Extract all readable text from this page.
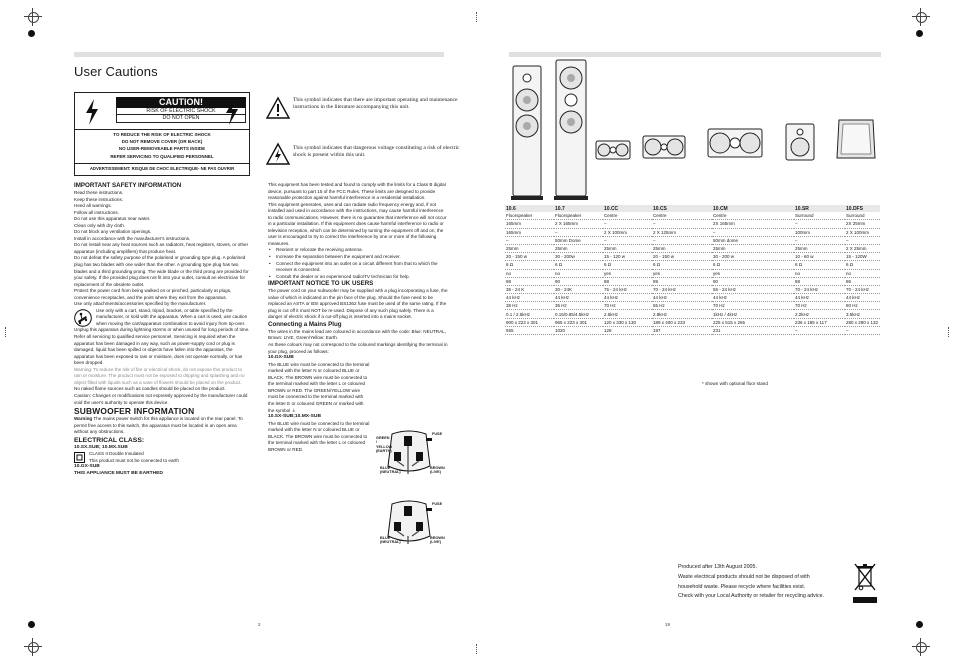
User Cautions
CAUTION!
RISK OF ELECTRIC SHOCK
DO NOT OPEN
TO REDUCE THE RISK OF ELECTRIC SHOCK
DO NOT REMOVE COVER (OR BACK)
NO USER-REMOVEABLE PARTS INSIDE
REFER SERVICING TO QUALIFIED PERSONNEL
ADVERTISSEMENT: RISQUE DE CHOC ELECTRIQUE- NE PAS OUVRIR
This symbol indicates that there are important operating and maintenance instructions in the literature accompanying this unit.
This symbol indicates that dangerous voltage constituting a risk of electric shock is present within this unit.

IMPORTANT SAFETY INFORMATION

Read these instructions.

Keep these instructions.

Heed all warnings.

Follow all instructions.

Do not use this apparatus near water.

Clean only with dry cloth.

Do not block any ventilation openings.

Install in accordance with the manufacturer's instructions.

Do not install near any heat sources such as radiators, heat registers, stoves, or other apparatus (including amplifiers) that produce heat.

Do not defeat the safety purpose of the polarised or grounding type plug. A polarised plug has two blades with one wider than the other. A grounding type plug has two blades and a third grounding prong. The wide blade or the third prong are provided for your safety. If the provided plug does not fit into your outlet, consult an electrician for replacement of the obsolete outlet.

Protect the power cord from being walked on or pinched, particularly at plugs, convenience receptacles, and the point where they exit from the apparatus.

Use only attachments/accessories specified by the manufacturer.

Use only with a cart, stand, tripod, bracket, or table specified by the manufacturer, or sold with the apparatus. When a cart is used, use caution when moving the cart/apparatus combination to avoid injury from tip-over.

Unplug this apparatus during lightning storms or when unused for long periods of time.

Refer all servicing to qualified service personnel. Servicing is required when the apparatus has been damaged in any way, such as power-supply cord or plug is damaged, liquid has been spilled or objects have fallen into the apparatus, the apparatus has been exposed to rain or moisture, does not operate normally, or has been dropped.

Warning: To reduce the risk of fire or electrical shock, do not expose this product to rain or moisture. The product must not be exposed to dripping and splashing and no object filled with liquids such as a vase of flowers should be placed on the product.

No naked flame sources such as candles should be placed on the product.

Caution: Changes or modifications not expressly approved by the manufacturer could void the user's authority to operate this device.

SUBWOOFER INFORMATION

Warning The mains power switch for this appliance is located on the rear panel. To permit free access to this switch, the apparatus must be located in an open area without any obstructions.

ELECTRICAL CLASS:

10.SX.SUB; 10.MX.SUB

CLASS II Double Insulated

This product must not be connected to earth

10.GX-SUB

THIS APPLIANCE MUST BE EARTHED

This equipment has been tested and found to comply with the limits for a Class B digital device, pursuant to part 15 of the FCC Rules. These limits are designed to provide reasonable protection against harmful interference in a residential installation.

This equipment generates, uses and can radiate radio frequency energy and, if not installed and used in accordance with the instructions, may cause harmful interference to radio communications. However, there is no guarantee that interference will not occur in a particular installation. If this equipment does cause harmful interference to radio or television reception, which can be determined by turning the equipment off and on, the user is encouraged to try to correct the interference by one or more of the following measures.

• Reorient or relocate the receiving antenna.

• Increase the separation between the equipment and receiver.

• Connect the equipment into an outlet on a circuit different from that to which the receiver is connected.

• Consult the dealer or an experienced radio/TV technician for help.

IMPORTANT NOTICE TO UK USERS

The power cord on your subwoofer may be supplied with a plug incorporating a fuse, the value of which is indicated on the pin face of the plug. Should the fuse need to be replaced an ASTA or BSI approved BS1362 fuse must be used of the same rating. If the plug is cut off it must NOT be re-used. Dispose of any such plug safely. There is a danger of electric shock if a cut-off plug is inserted into a mains socket.

Connecting a Mains Plug

The wires in the mains lead are coloured in accordance with the code: Blue: NEUTRAL, Brown: LIVE, Green/Yellow: Earth.

As these colours may not correspond to the coloured markings identifying the terminal in your plug, proceed as follows:

10.GX-SUB

The BLUE wire must be connected to the terminal marked with the letter N or coloured BLUE or BLACK. The BROWN wire must be connected to the terminal marked with the letter L or coloured BROWN or RED. The GREEN/YELLOW wire must be connected to the terminal marked with the letter E or coloured GREEN or marked with the symbol ⏚

10.SX-SUB;10.MX-SUB

The BLUE wire must be connected to the terminal marked with the letter N or coloured BLUE or BLACK. The BROWN wire must be connected to the terminal marked with the letter L or coloured BROWN or RED.

FUSE
GREEN
/
YELLOW
(EARTH)
BLUE
(NEUTRAL)
BROWN
(LIVE)
FUSE
BLUE
(NEUTRAL)
BROWN
(LIVE)
2	19
10.6	10.7	10.CC	10.CS	10.CM	10.SR	10.DFS
Floorspeaker	Floorspeaker	Centre	Centre	Centre	Surround	Surround
165mm	2 X 165mm	–	–	2X 165mm	–	2X 25mm
165mm	–	2 X 100mm	2 X 125mm	–	100mm	2 X 100mm
–	50mm Dome	–	–	50mm dome	–	–
25mm	25mm	25mm	25mm	25mm	25mm	2 X 25mm
20 - 150 w	30 - 200w	15 - 120 w	20 - 150 w	30 - 200 w	10 - 60 w	15 - 120W
6 Ω	6 Ω	6 Ω	6 Ω	6 Ω	6 Ω	6 Ω
no	no	yes	yes	yes	no	no
88	90	88	89	90	88	86
35 - 24 K	30 - 24K	75 - 24 kHz	70 - 24 kHz	55 - 24 kHz	70 - 24 kHz	70 - 24 kHz
44 kHz	44 kHz	44 kHz	44 kHz	44 kHz	44 kHz	44 kHz
38 Hz	35 Hz	70 Hz	55 Hz	70 Hz	70 Hz	80 Hz
0.1 / 2.5kHz	0.15/0.85/4.5kHz	2.5kHz	2.8kHz	1kHz / 4kHz	2.2kHz	3.5kHz
900 x 223 x 301	965 x 223 x 301	120 x 330 x 130	189 x 400 x 233	225 x 515 x 265	236 x 185 x 117	280 x 290 x 132
555	1020	128	197	231	–	–
* shown with optional floor stand
Produced after 13th August 2005.
Waste electrical products should not be disposed of with
household waste. Please recycle where facilities exist.
Check with your Local Authority or retailer for recycling advice.
